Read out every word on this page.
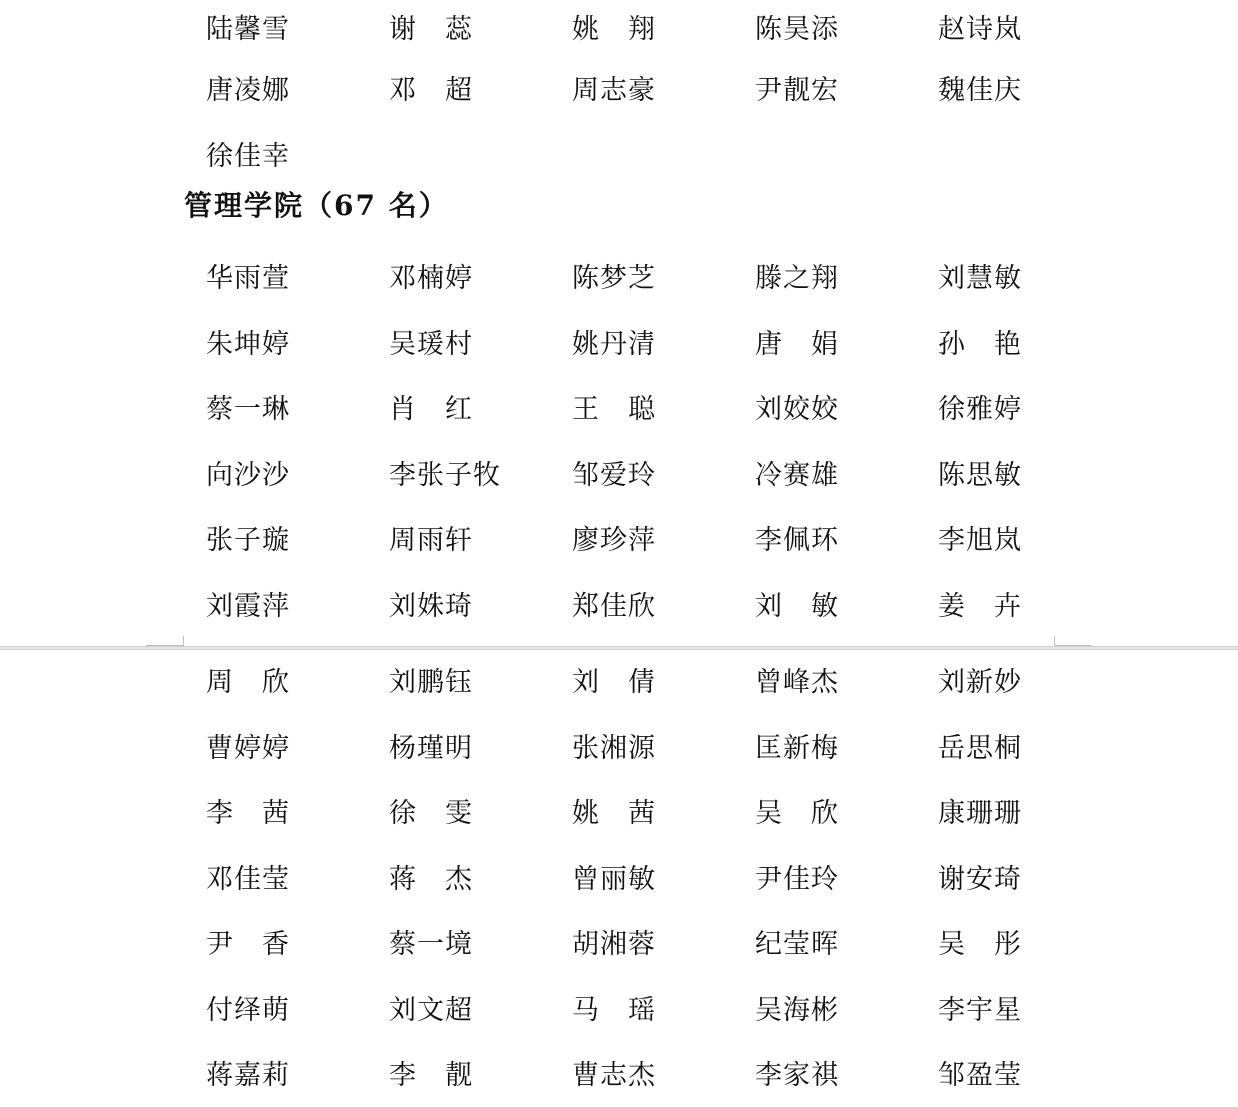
陆馨雪	谢　蕊	姚　翔	陈昊添	赵诗岚
唐凌娜	邓　超	周志豪	尹靓宏	魏佳庆
徐佳幸
管理学院（67 名）
华雨萱	邓楠婷	陈梦芝	滕之翔	刘慧敏
朱坤婷	吴瑗村	姚丹清	唐　娟	孙　艳
蔡一琳	肖　红	王　聪	刘姣姣	徐雅婷
向沙沙	李张子牧	邹爱玲	冷赛雄	陈思敏
张子璇	周雨轩	廖珍萍	李佩环	李旭岚
刘霞萍	刘姝琦	郑佳欣	刘　敏	姜　卉
周　欣	刘鹏钰	刘　倩	曾峰杰	刘新妙
曹婷婷	杨瑾明	张湘源	匡新梅	岳思桐
李　茜	徐　雯	姚　茜	吴　欣	康珊珊
邓佳莹	蒋　杰	曾丽敏	尹佳玲	谢安琦
尹　香	蔡一境	胡湘蓉	纪莹晖	吴　彤
付绎萌	刘文超	马　瑶	吴海彬	李宇星
蒋嘉莉	李　靓	曹志杰	李家祺	邹盈莹
